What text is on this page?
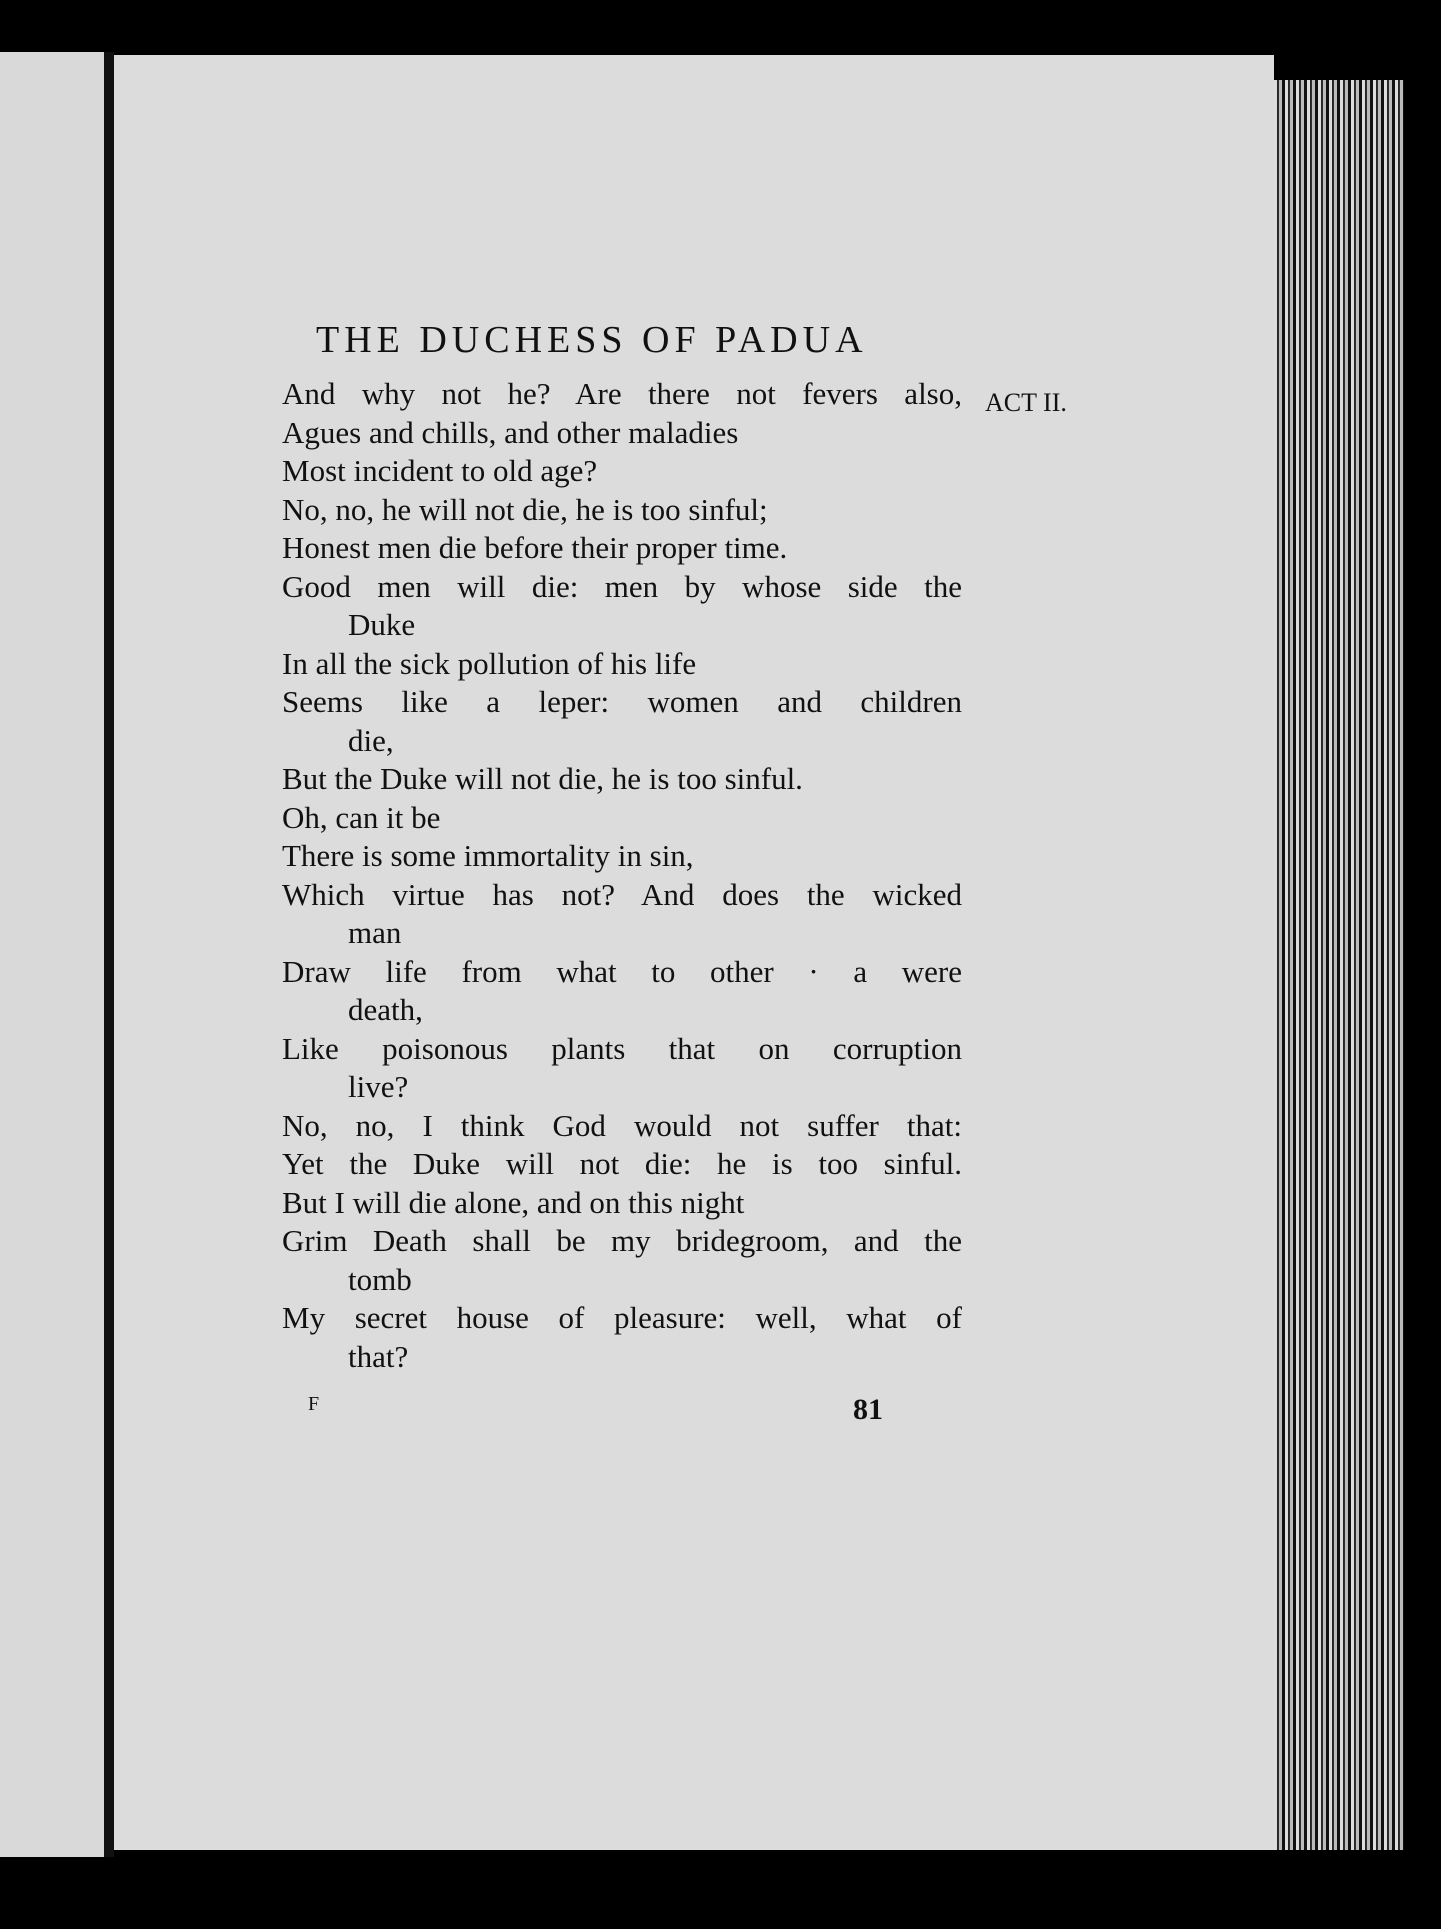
THE DUCHESS OF PADUA
ACT II.
And why not he? Are there not fevers also,
Agues and chills, and other maladies
Most incident to old age?
No, no, he will not die, he is too sinful;
Honest men die before their proper time.
Good men will die: men by whose side the
Duke
In all the sick pollution of his life
Seems like a leper: women and children
die,
But the Duke will not die, he is too sinful.
Oh, can it be
There is some immortality in sin,
Which virtue has not? And does the wicked
man
Draw life from what to other · a were
death,
Like poisonous plants that on corruption
live?
No, no, I think God would not suffer that:
Yet the Duke will not die: he is too sinful.
But I will die alone, and on this night
Grim Death shall be my bridegroom, and the
tomb
My secret house of pleasure: well, what of
that?
F	81
